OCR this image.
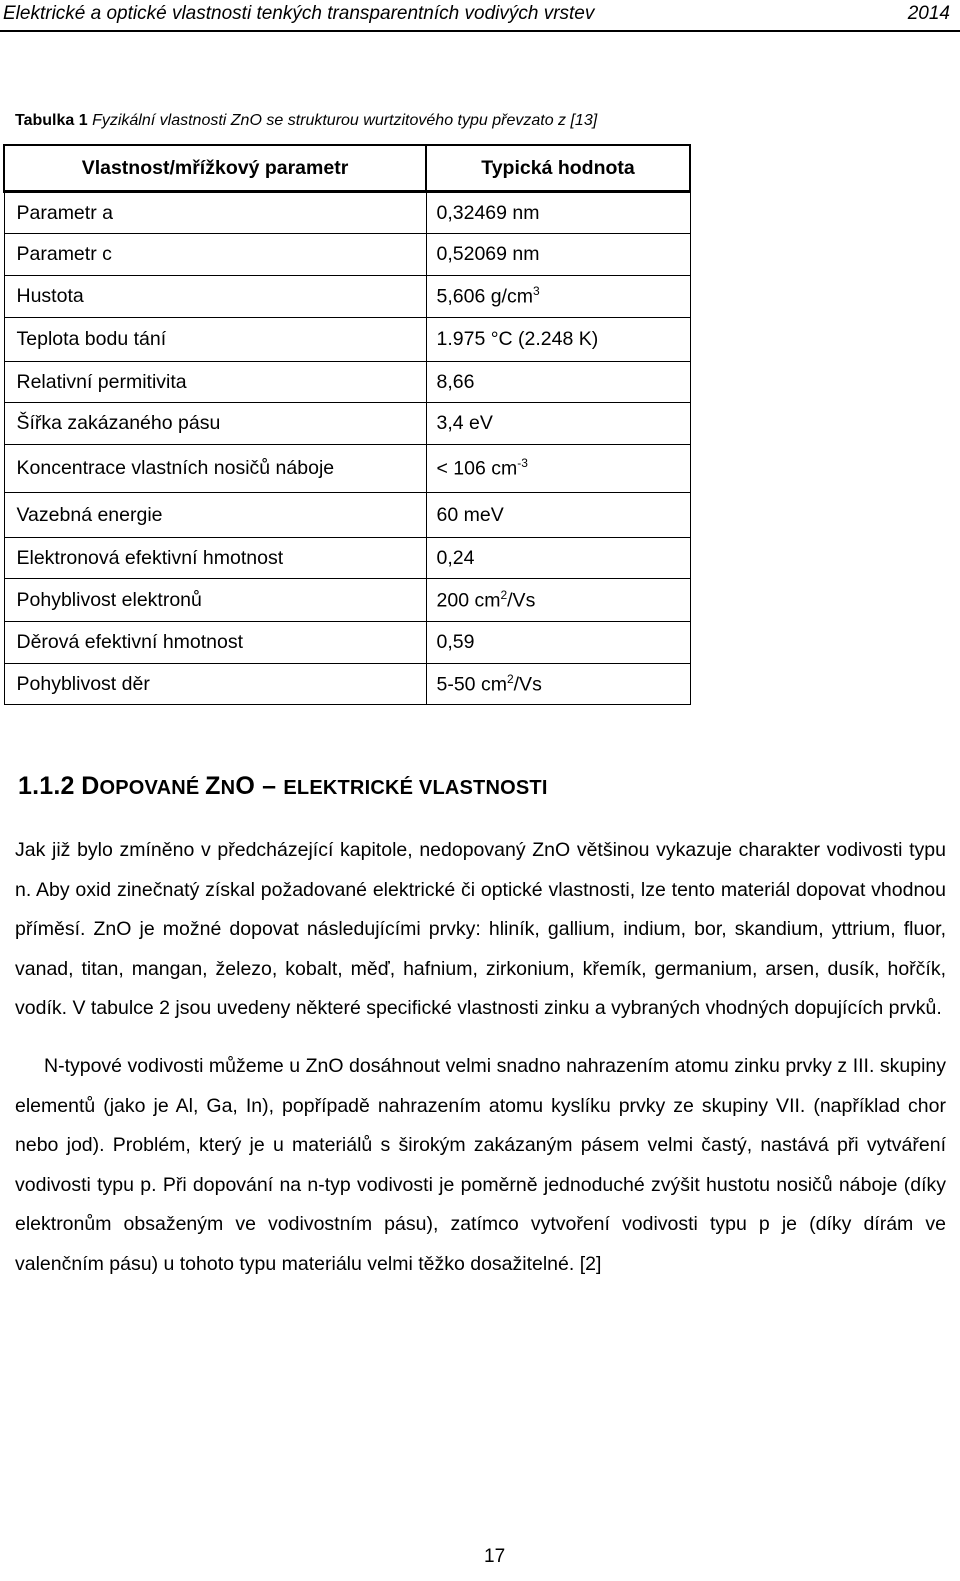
Elektrické a optické vlastnosti tenkých transparentních vodivých vrstev	2014
Tabulka 1 Fyzikální vlastnosti ZnO se strukturou wurtzitového typu převzato z [13]
Vlastnost/mřížkový parametr	Typická hodnota
Parametr a	0,32469 nm
Parametr c	0,52069 nm
Hustota	5,606 $g/cm^3$
Teplota bodu tání	1.975 °C (2.248 K)
Relativní permitivita	8,66
Šířka zakázaného pásu	3,4 eV
Koncentrace vlastních nosičů náboje	< 106 $cm^{-3}$
Vazebná energie	60 meV
Elektronová efektivní hmotnost	0,24
Pohyblivost elektronů	200 $cm^2/Vs$
Děrová efektivní hmotnost	0,59
Pohyblivost děr	5-50 $cm^2/Vs$
1.1.2 DOPOVANÉ ZNO – ELEKTRICKÉ VLASTNOSTI

Jak již bylo zmíněno v předcházející kapitole, nedopovaný ZnO většinou vykazuje charakter vodivosti typu n. Aby oxid zinečnatý získal požadované elektrické či optické vlastnosti, lze tento materiál dopovat vhodnou příměsí. ZnO je možné dopovat následujícími prvky: hliník, gallium, indium, bor, skandium, yttrium, fluor, vanad, titan, mangan, železo, kobalt, měď, hafnium, zirkonium, křemík, germanium, arsen, dusík, hořčík, vodík. V tabulce 2 jsou uvedeny některé specifické vlastnosti zinku a vybraných vhodných dopujících prvků.

N-typové vodivosti můžeme u ZnO dosáhnout velmi snadno nahrazením atomu zinku prvky z III. skupiny elementů (jako je Al, Ga, In), popřípadě nahrazením atomu kyslíku prvky ze skupiny VII. (například chor nebo jod). Problém, který je u materiálů s širokým zakázaným pásem velmi častý, nastává při vytváření vodivosti typu p. Při dopování na n-typ vodivosti je poměrně jednoduché zvýšit hustotu nosičů náboje (díky elektronům obsaženým ve vodivostním pásu), zatímco vytvoření vodivosti typu p je (díky dírám ve valenčním pásu) u tohoto typu materiálu velmi těžko dosažitelné. [2]

17
